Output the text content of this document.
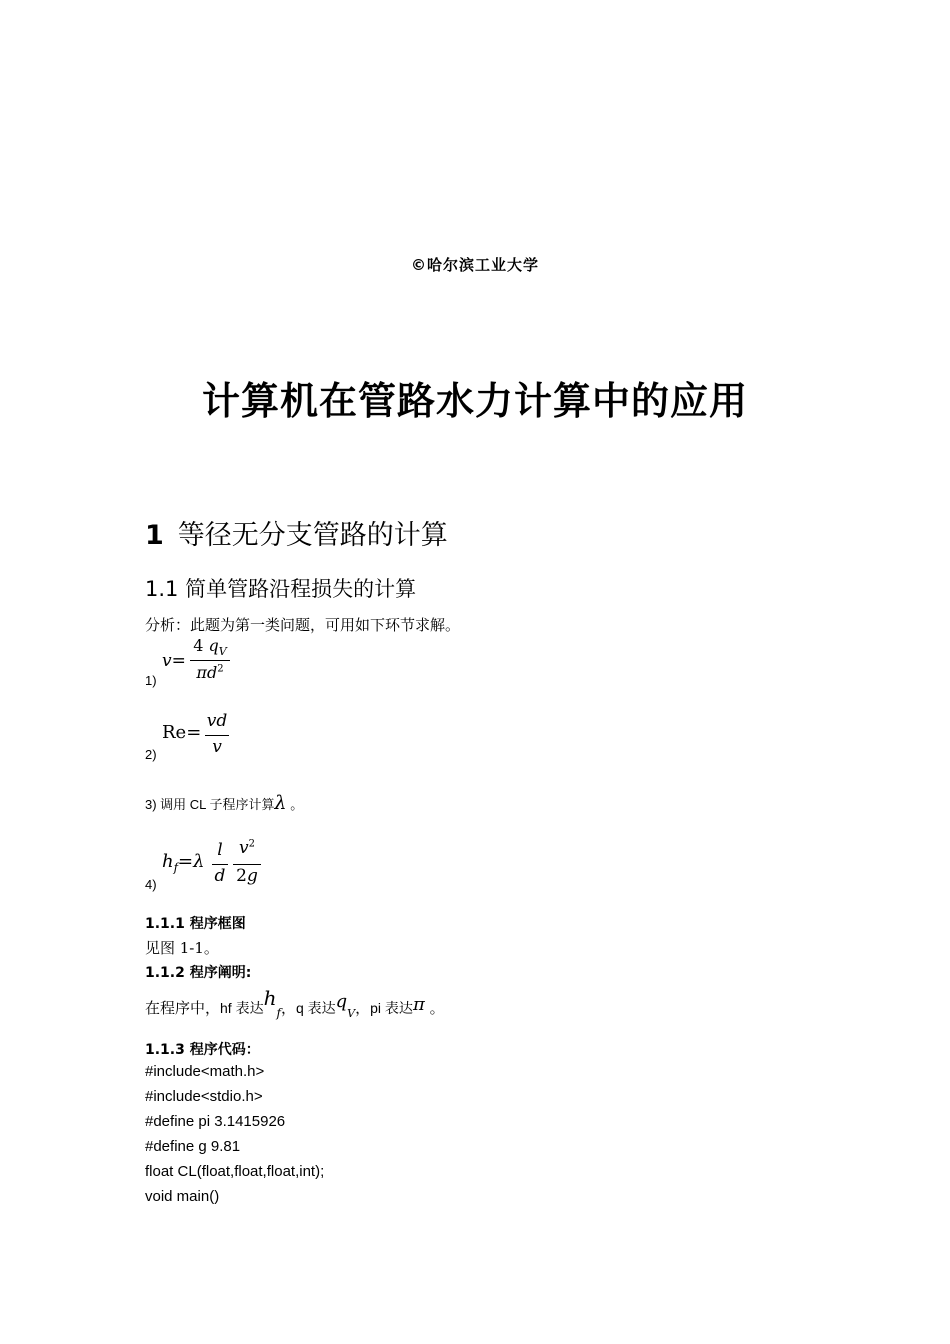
©哈尔滨工业大学
计算机在管路水力计算中的应用
1 等径无分支管路的计算
1.1 简单管路沿程损失的计算
分析：此题为第一类问题，可用如下环节求解。
1)
v=
4 $q_V$
$\pi d^2$
2)
Re=
vd
v
3) 调用 CL 子程序计算λ 。
4)
$h_f=\lambda$
l
d
$v^2$
2g
1.1.1 程序框图
见图 1-1。
1.1.2 程序阐明:
在程序中，hf 表达$h_f$，q 表达$q_V$，pi 表达π 。
1.1.3 程序代码：
#include<math.h>
#include<stdio.h>
#define pi 3.1415926
#define g 9.81
float CL(float,float,float,int);
void main()
